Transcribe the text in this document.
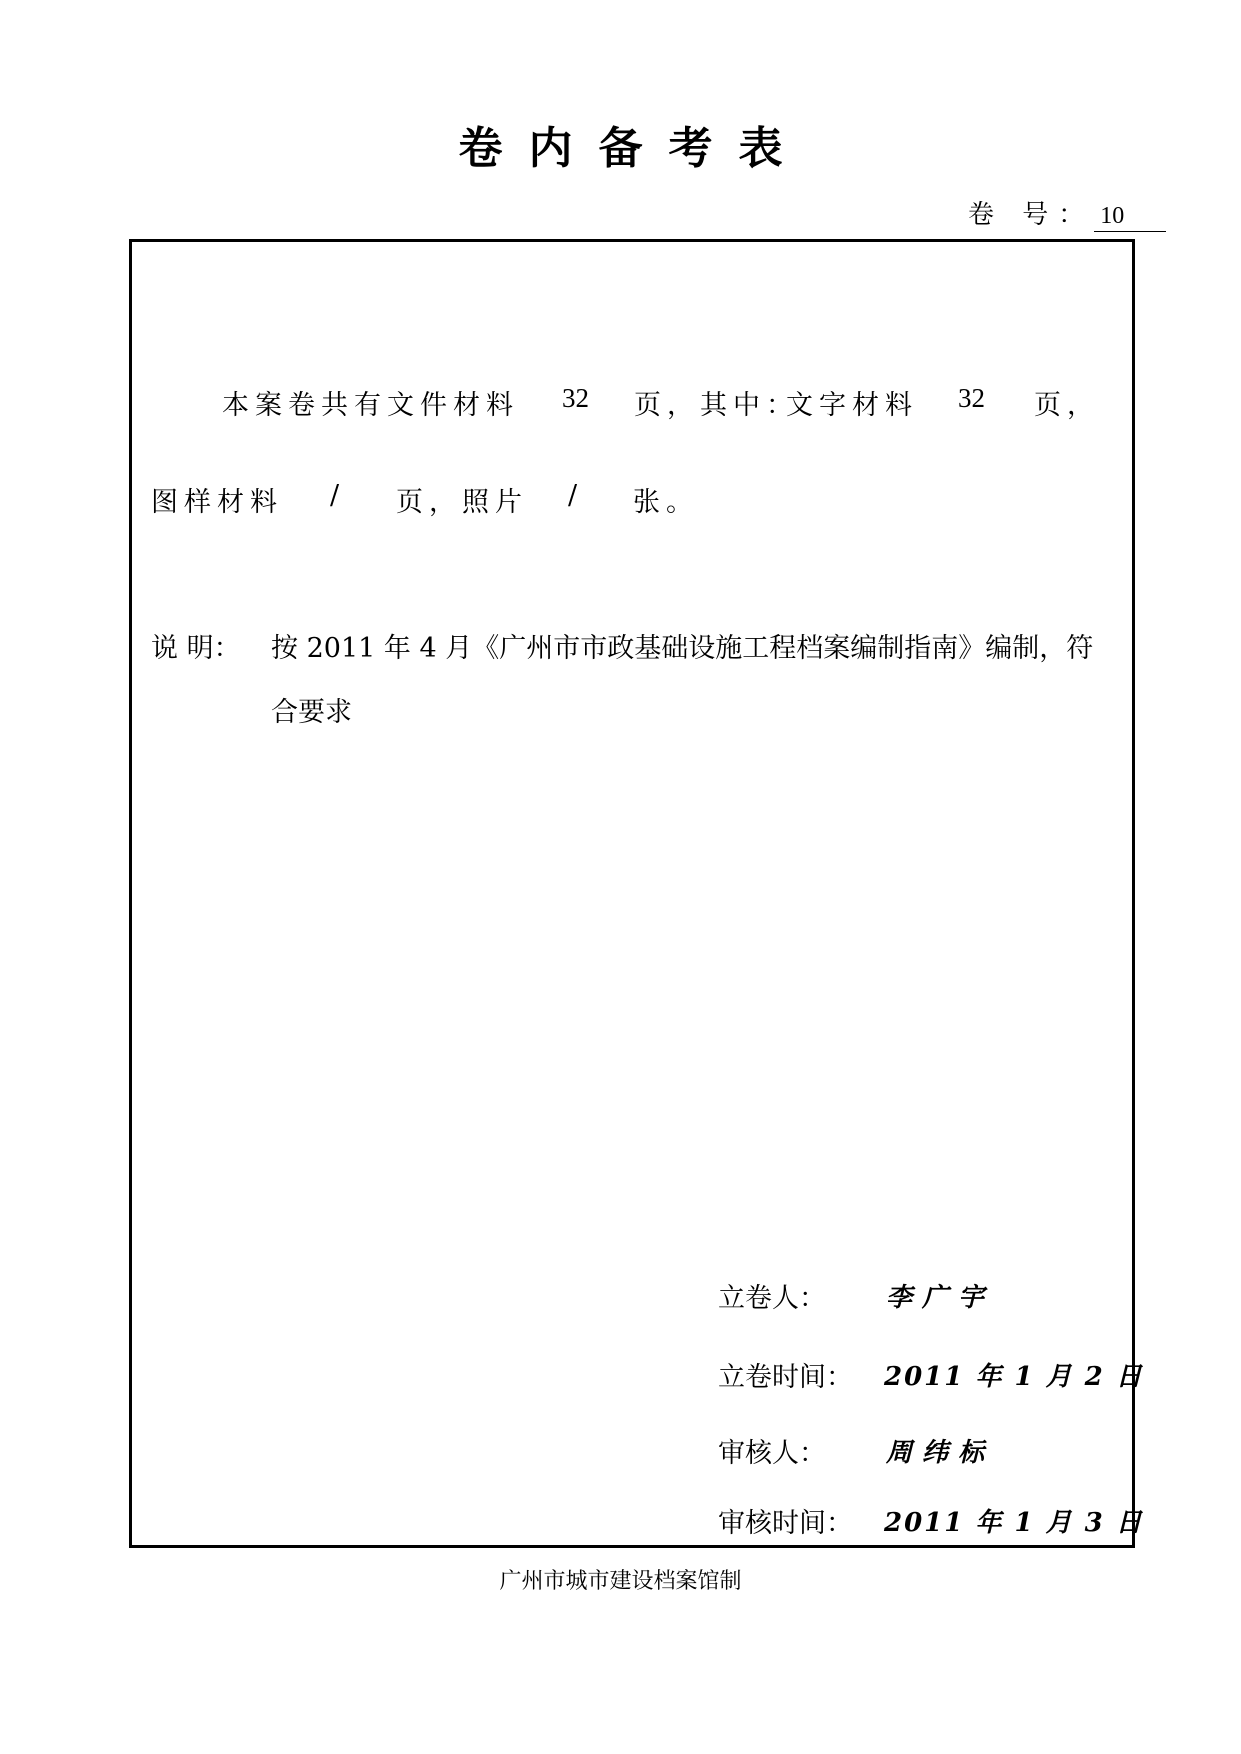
卷内备考表
卷 号： 10
本案卷共有文件材料 32 页，其中：
文字材料 32 页，
图样材料 / 页，照片 / 张。
说 明： 按 2011 年 4 月《广州市市政基础设施工程档案编制指南》编制，符
合要求
立卷人： 李广宇
立卷时间： 2011 年 1 月 2 日
审核人： 周纬标
审核时间： 2011 年 1 月 3 日
广州市城市建设档案馆制
